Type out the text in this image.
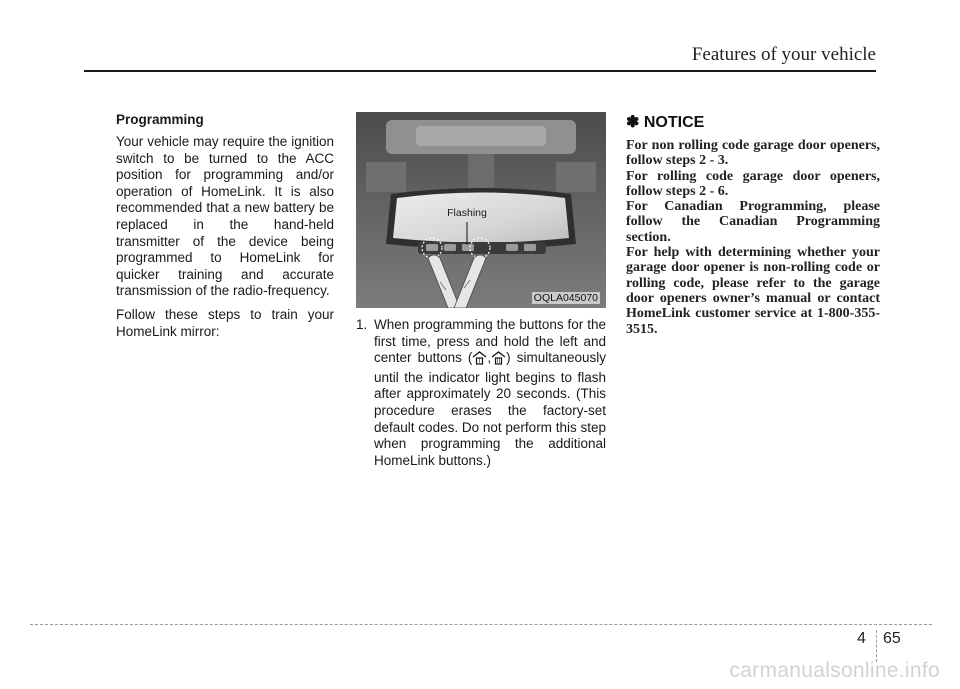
Features of your vehicle
Programming

Your vehicle may require the ignition switch to be turned to the ACC position for programming and/or operation of HomeLink. It is also recommended that a new battery be replaced in the hand-held transmitter of the device being programmed to HomeLink for quicker training and accurate transmission of the radio-frequency.

Follow these steps to train your HomeLink mirror:

Flashing
OQLA045070
1. When programming the buttons for the first time, press and hold the left and center buttons ( I , II ) simultaneously until the indicator light begins to flash after approximately 20 seconds. (This procedure erases the factory-set default codes. Do not perform this step when programming the additional HomeLink buttons.)
✽ NOTICE

For non rolling code garage door openers, follow steps 2 - 3.

For rolling code garage door openers, follow steps 2 - 6.

For Canadian Programming, please follow the Canadian Programming section.

For help with determining whether your garage door opener is non-rolling code or rolling code, please refer to the garage door openers owner’s manual or contact HomeLink customer service at 1-800-355-3515.

4 65
carmanualsonline.info
